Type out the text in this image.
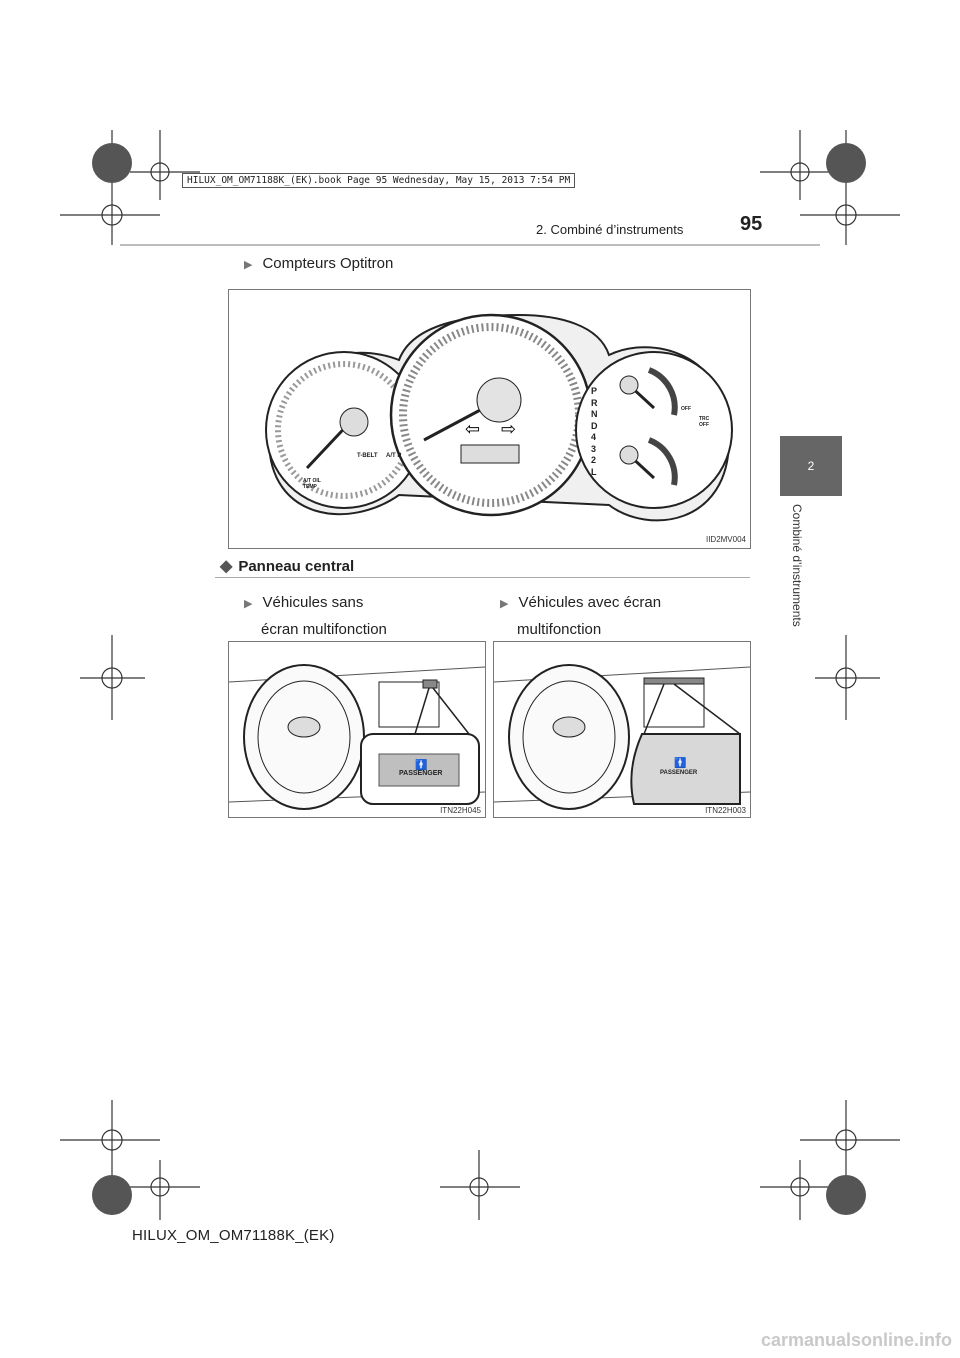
HILUX_OM_OM71188K_(EK).book Page 95 Wednesday, May 15, 2013 7:54 PM
2. Combiné d’instruments	95
2
Combiné d’instruments
▶ Compteurs Optitron
⇦ ⇨
P
R
N
D
4
3
2
L
T-BELT A/T P
A/T OIL TEMP
OFF
TRC OFF
IID2MV004
◆ Panneau central
▶ Véhicules sans
écran multifonction
▶ Véhicules avec écran
multifonction
🚹
PASSENGER
ITN22H045
🚹
PASSENGER
ITN22H003
HILUX_OM_OM71188K_(EK)
carmanualsonline.info
